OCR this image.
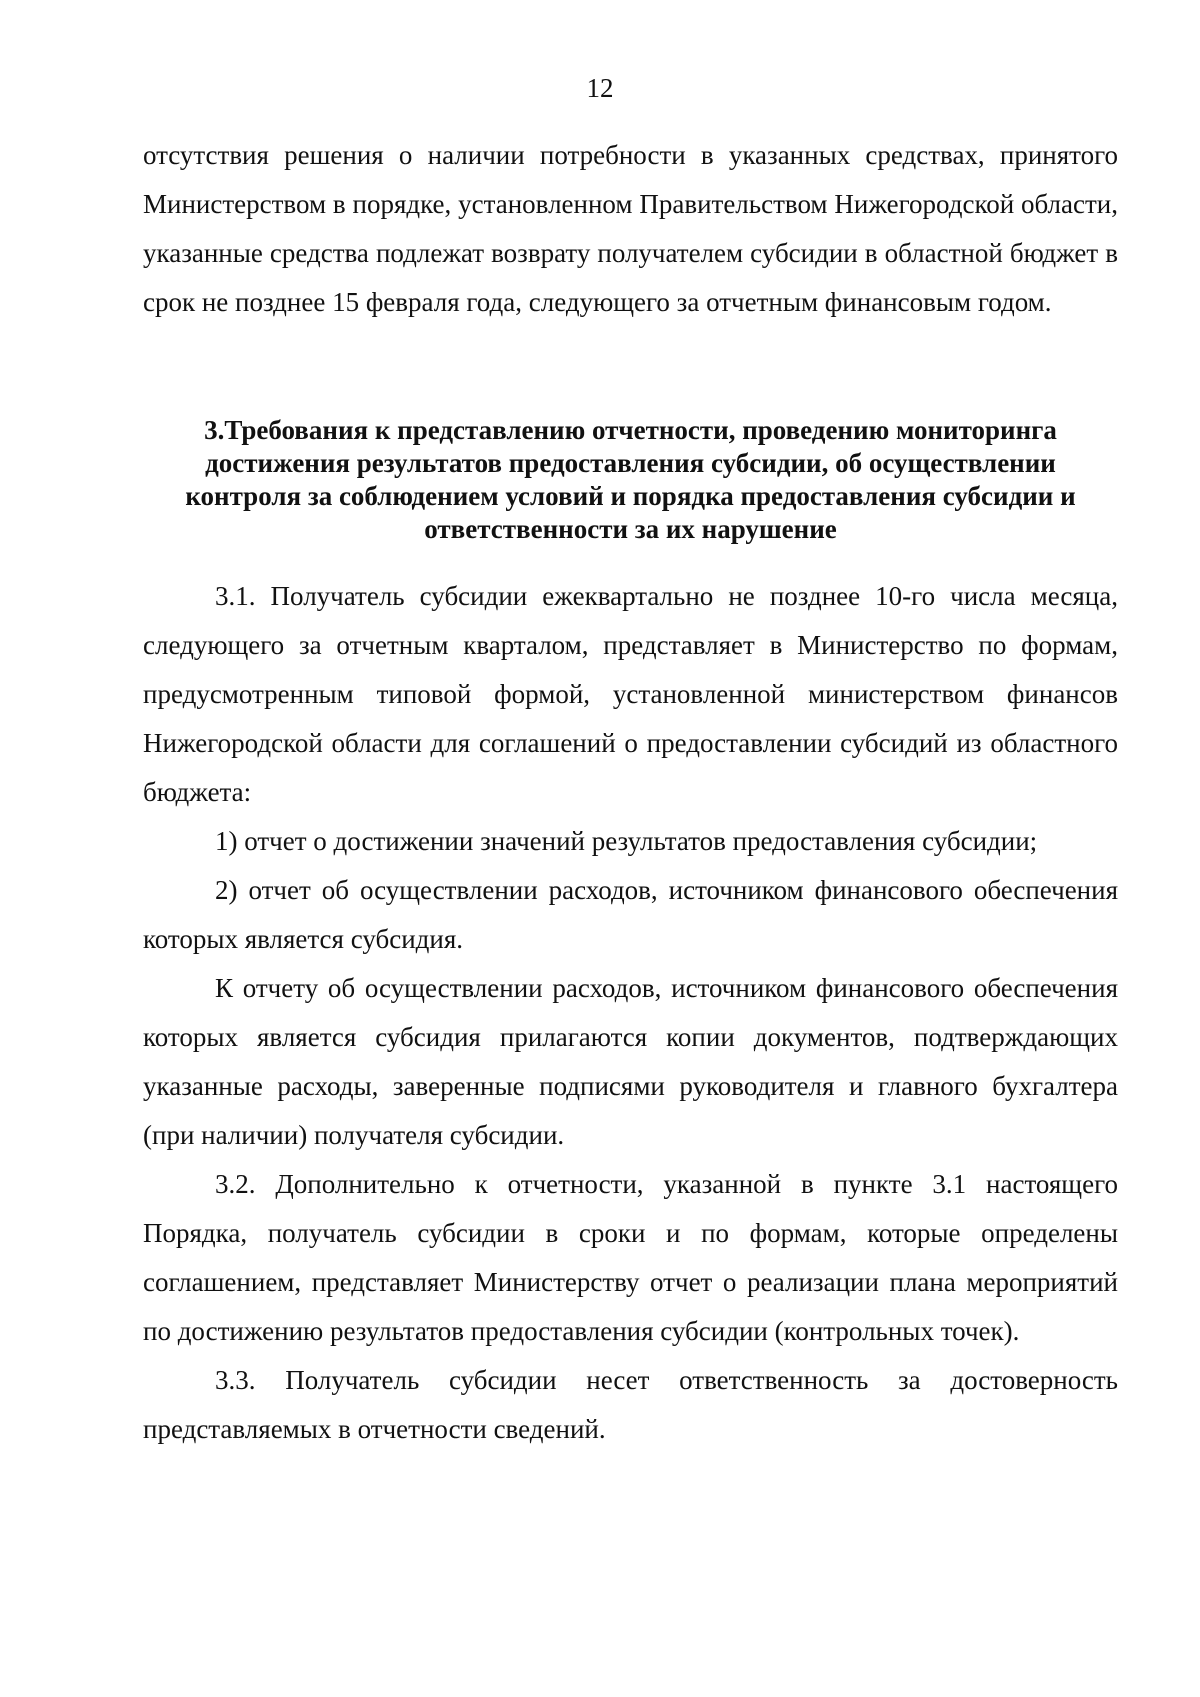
12

отсутствия решения о наличии потребности в указанных средствах, принятого Министерством в порядке, установленном Правительством Нижегородской области, указанные средства подлежат возврату получателем субсидии в областной бюджет в срок не позднее 15 февраля года, следующего за отчетным финансовым годом.

3.Требования к представлению отчетности, проведению мониторинга
достижения результатов предоставления субсидии, об осуществлении
контроля за соблюдением условий и порядка предоставления субсидии и
ответственности за их нарушение

3.1. Получатель субсидии ежеквартально не позднее 10-го числа месяца, следующего за отчетным кварталом, представляет в Министерство по формам, предусмотренным типовой формой, установленной министерством финансов Нижегородской области для соглашений о предоставлении субсидий из областного бюджета:

1) отчет о достижении значений результатов предоставления субсидии;

2) отчет об осуществлении расходов, источником финансового обеспечения которых является субсидия.

К отчету об осуществлении расходов, источником финансового обеспечения которых является субсидия прилагаются копии документов, подтверждающих указанные расходы, заверенные подписями руководителя и главного бухгалтера (при наличии) получателя субсидии.

3.2. Дополнительно к отчетности, указанной в пункте 3.1 настоящего Порядка, получатель субсидии в сроки и по формам, которые определены соглашением, представляет Министерству отчет о реализации плана мероприятий по достижению результатов предоставления субсидии (контрольных точек).

3.3. Получатель субсидии несет ответственность за достоверность представляемых в отчетности сведений.
